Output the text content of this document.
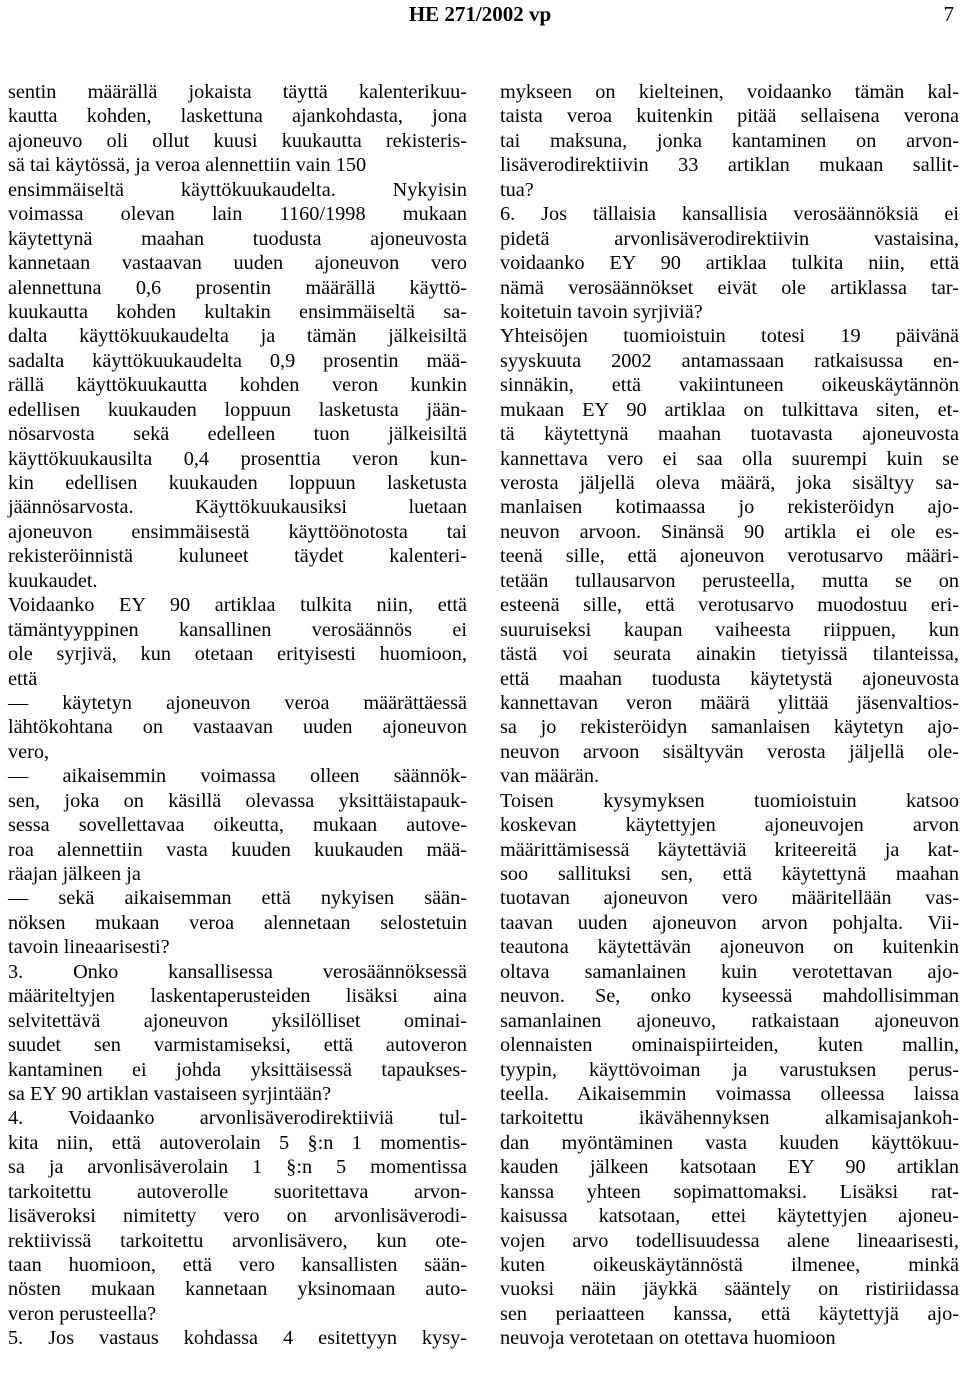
HE 271/2002 vp	7
sentin määrällä jokaista täyttä kalenterikuu-
kautta kohden, laskettuna ajankohdasta, jona
ajoneuvo oli ollut kuusi kuukautta rekisteris-
sä tai käytössä, ja veroa alennettiin vain 150
ensimmäiseltä käyttökuukaudelta. Nykyisin
voimassa olevan lain 1160/1998 mukaan
käytettynä maahan tuodusta ajoneuvosta
kannetaan vastaavan uuden ajoneuvon vero
alennettuna 0,6 prosentin määrällä käyttö-
kuukautta kohden kultakin ensimmäiseltä sa-
dalta käyttökuukaudelta ja tämän jälkeisiltä
sadalta käyttökuukaudelta 0,9 prosentin mää-
rällä käyttökuukautta kohden veron kunkin
edellisen kuukauden loppuun lasketusta jään-
nösarvosta sekä edelleen tuon jälkeisiltä
käyttökuukausilta 0,4 prosenttia veron kun-
kin edellisen kuukauden loppuun lasketusta
jäännösarvosta. Käyttökuukausiksi luetaan
ajoneuvon ensimmäisestä käyttöönotosta tai
rekisteröinnistä kuluneet täydet kalenteri-
kuukaudet.
Voidaanko EY 90 artiklaa tulkita niin, että
tämäntyyppinen kansallinen verosäännös ei
ole syrjivä, kun otetaan erityisesti huomioon,
että
— käytetyn ajoneuvon veroa määrättäessä
lähtökohtana on vastaavan uuden ajoneuvon
vero,
— aikaisemmin voimassa olleen säännök-
sen, joka on käsillä olevassa yksittäistapauk-
sessa sovellettavaa oikeutta, mukaan autove-
roa alennettiin vasta kuuden kuukauden mää-
räajan jälkeen ja
— sekä aikaisemman että nykyisen sään-
nöksen mukaan veroa alennetaan selostetuin
tavoin lineaarisesti?
3. Onko kansallisessa verosäännöksessä
määriteltyjen laskentaperusteiden lisäksi aina
selvitettävä ajoneuvon yksilölliset ominai-
suudet sen varmistamiseksi, että autoveron
kantaminen ei johda yksittäisessä tapaukses-
sa EY 90 artiklan vastaiseen syrjintään?
4. Voidaanko arvonlisäverodirektiiviä tul-
kita niin, että autoverolain 5 §:n 1 momentis-
sa ja arvonlisäverolain 1 §:n 5 momentissa
tarkoitettu autoverolle suoritettava arvon-
lisäveroksi nimitetty vero on arvonlisäverodi-
rektiivissä tarkoitettu arvonlisävero, kun ote-
taan huomioon, että vero kansallisten sään-
nösten mukaan kannetaan yksinomaan auto-
veron perusteella?
5. Jos vastaus kohdassa 4 esitettyyn kysy-
mykseen on kielteinen, voidaanko tämän kal-
taista veroa kuitenkin pitää sellaisena verona
tai maksuna, jonka kantaminen on arvon-
lisäverodirektiivin 33 artiklan mukaan sallit-
tua?
6. Jos tällaisia kansallisia verosäännöksiä ei
pidetä arvonlisäverodirektiivin vastaisina,
voidaanko EY 90 artiklaa tulkita niin, että
nämä verosäännökset eivät ole artiklassa tar-
koitetuin tavoin syrjiviä?
Yhteisöjen tuomioistuin totesi 19 päivänä
syyskuuta 2002 antamassaan ratkaisussa en-
sinnäkin, että vakiintuneen oikeuskäytännön
mukaan EY 90 artiklaa on tulkittava siten, et-
tä käytettynä maahan tuotavasta ajoneuvosta
kannettava vero ei saa olla suurempi kuin se
verosta jäljellä oleva määrä, joka sisältyy sa-
manlaisen kotimaassa jo rekisteröidyn ajo-
neuvon arvoon. Sinänsä 90 artikla ei ole es-
teenä sille, että ajoneuvon verotusarvo määri-
tetään tullausarvon perusteella, mutta se on
esteenä sille, että verotusarvo muodostuu eri-
suuruiseksi kaupan vaiheesta riippuen, kun
tästä voi seurata ainakin tietyissä tilanteissa,
että maahan tuodusta käytetystä ajoneuvosta
kannettavan veron määrä ylittää jäsenvaltios-
sa jo rekisteröidyn samanlaisen käytetyn ajo-
neuvon arvoon sisältyvän verosta jäljellä ole-
van määrän.
Toisen kysymyksen tuomioistuin katsoo
koskevan käytettyjen ajoneuvojen arvon
määrittämisessä käytettäviä kriteereitä ja kat-
soo sallituksi sen, että käytettynä maahan
tuotavan ajoneuvon vero määritellään vas-
taavan uuden ajoneuvon arvon pohjalta. Vii-
teautona käytettävän ajoneuvon on kuitenkin
oltava samanlainen kuin verotettavan ajo-
neuvon. Se, onko kyseessä mahdollisimman
samanlainen ajoneuvo, ratkaistaan ajoneuvon
olennaisten ominaispiirteiden, kuten mallin,
tyypin, käyttövoiman ja varustuksen perus-
teella. Aikaisemmin voimassa olleessa laissa
tarkoitettu ikävähennyksen alkamisajankoh-
dan myöntäminen vasta kuuden käyttökuu-
kauden jälkeen katsotaan EY 90 artiklan
kanssa yhteen sopimattomaksi. Lisäksi rat-
kaisussa katsotaan, ettei käytettyjen ajoneu-
vojen arvo todellisuudessa alene lineaarisesti,
kuten oikeuskäytännöstä ilmenee, minkä
vuoksi näin jäykkä sääntely on ristiriidassa
sen periaatteen kanssa, että käytettyjä ajo-
neuvoja verotetaan on otettava huomioon
